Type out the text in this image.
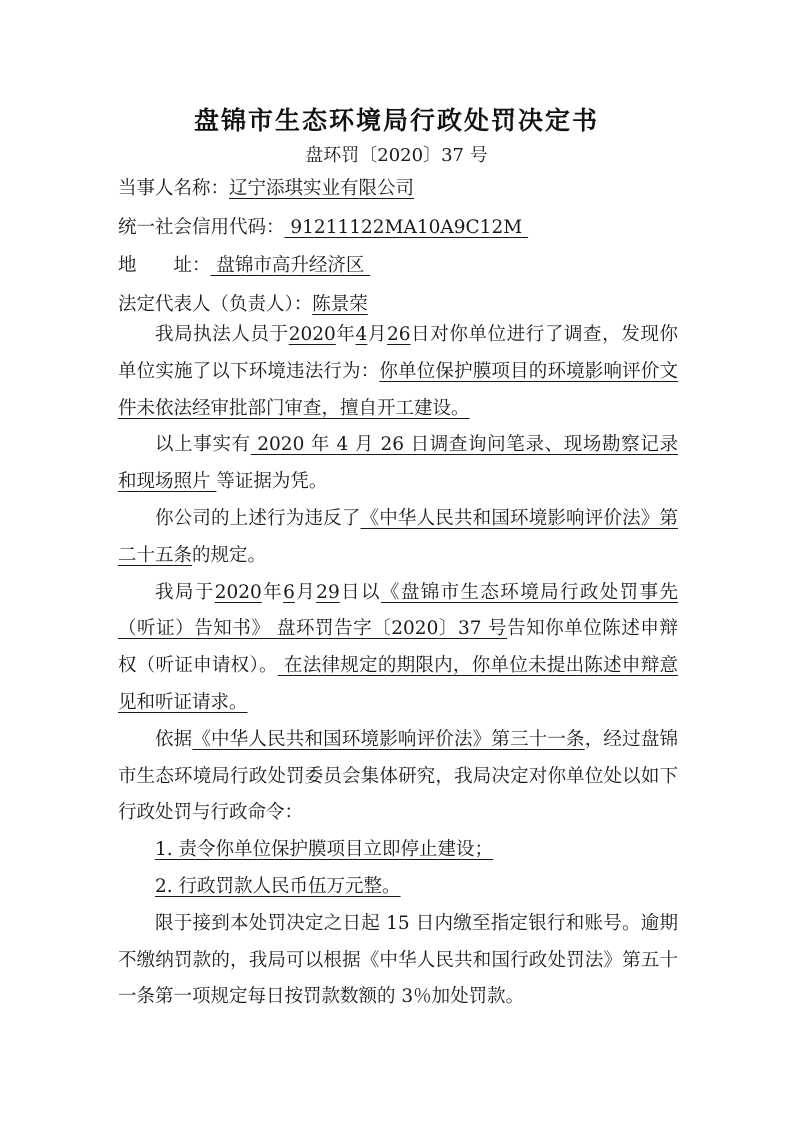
盘锦市生态环境局行政处罚决定书
盘环罚〔2020〕37 号
当事人名称：辽宁添琪实业有限公司
统一社会信用代码： 91211122MA10A9C12M
地　　址： 盘锦市高升经济区
法定代表人（负责人）：陈景荣

我局执法人员于2020年4月26日对你单位进行了调查，发现你单位实施了以下环境违法行为：你单位保护膜项目的环境影响评价文件未依法经审批部门审查，擅自开工建设。

以上事实有 2020 年 4 月 26 日调查询问笔录、现场勘察记录和现场照片 等证据为凭。

你公司的上述行为违反了《中华人民共和国环境影响评价法》第二十五条的规定。

我局于2020年6月29日以《盘锦市生态环境局行政处罚事先（听证）告知书》 盘环罚告字〔2020〕37 号告知你单位陈述申辩权（听证申请权）。 在法律规定的期限内，你单位未提出陈述申辩意见和听证请求。

依据《中华人民共和国环境影响评价法》第三十一条，经过盘锦市生态环境局行政处罚委员会集体研究，我局决定对你单位处以如下行政处罚与行政命令：

1. 责令你单位保护膜项目立即停止建设；

2. 行政罚款人民币伍万元整。

限于接到本处罚决定之日起 15 日内缴至指定银行和账号。逾期不缴纳罚款的，我局可以根据《中华人民共和国行政处罚法》第五十一条第一项规定每日按罚款数额的 3％加处罚款。
